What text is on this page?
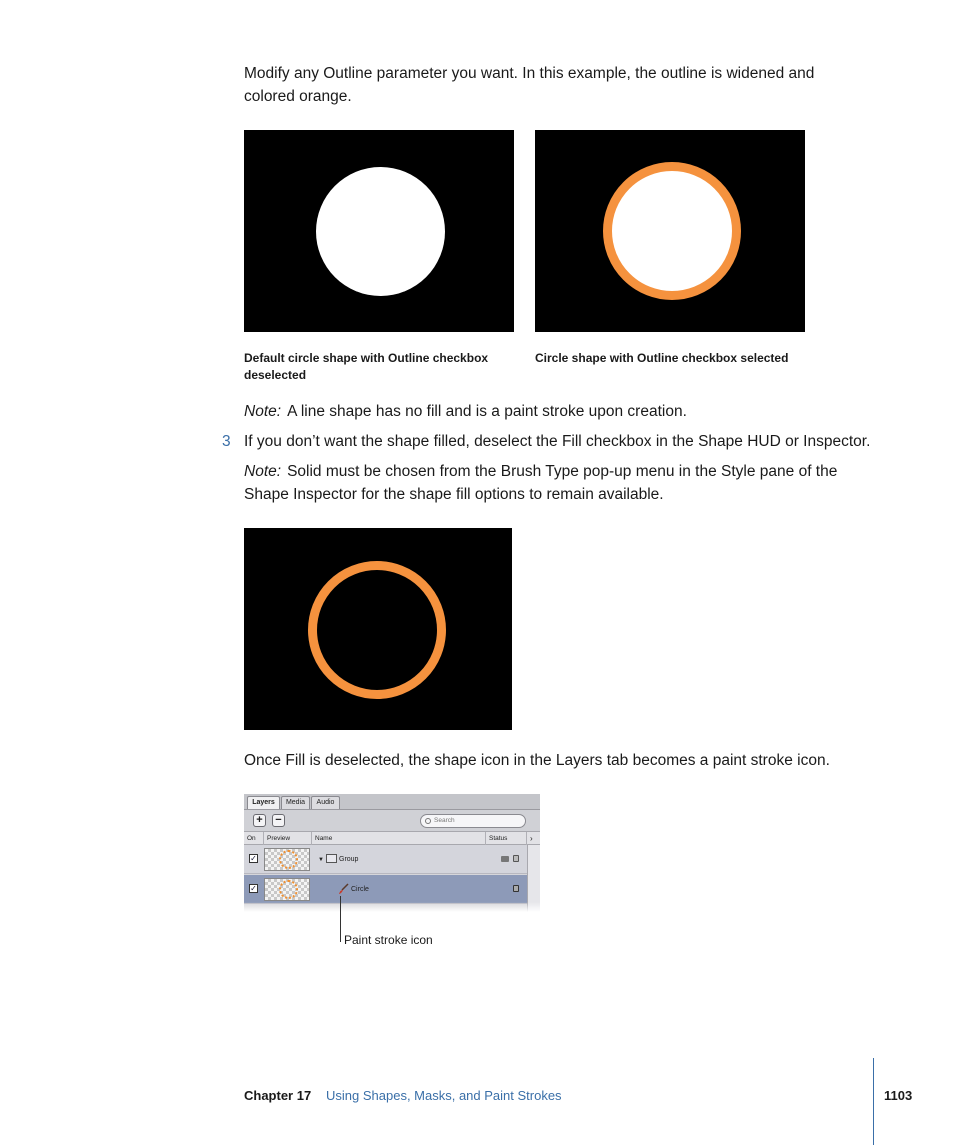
Modify any Outline parameter you want. In this example, the outline is widened and colored orange.

Default circle shape with Outline checkbox deselected

Circle shape with Outline checkbox selected

Note: A line shape has no fill and is a paint stroke upon creation.

3 If you don’t want the shape filled, deselect the Fill checkbox in the Shape HUD or Inspector.

Note: Solid must be chosen from the Brush Type pop-up menu in the Style pane of the Shape Inspector for the shape fill options to remain available.

Once Fill is deselected, the shape icon in the Layers tab becomes a paint stroke icon.

Layers	Media	Audio
+ −	Search
On	Preview	Name	Status	›
✓	▼ Group
✓	Circle
Paint stroke icon
Chapter 17 Using Shapes, Masks, and Paint Strokes	1103
